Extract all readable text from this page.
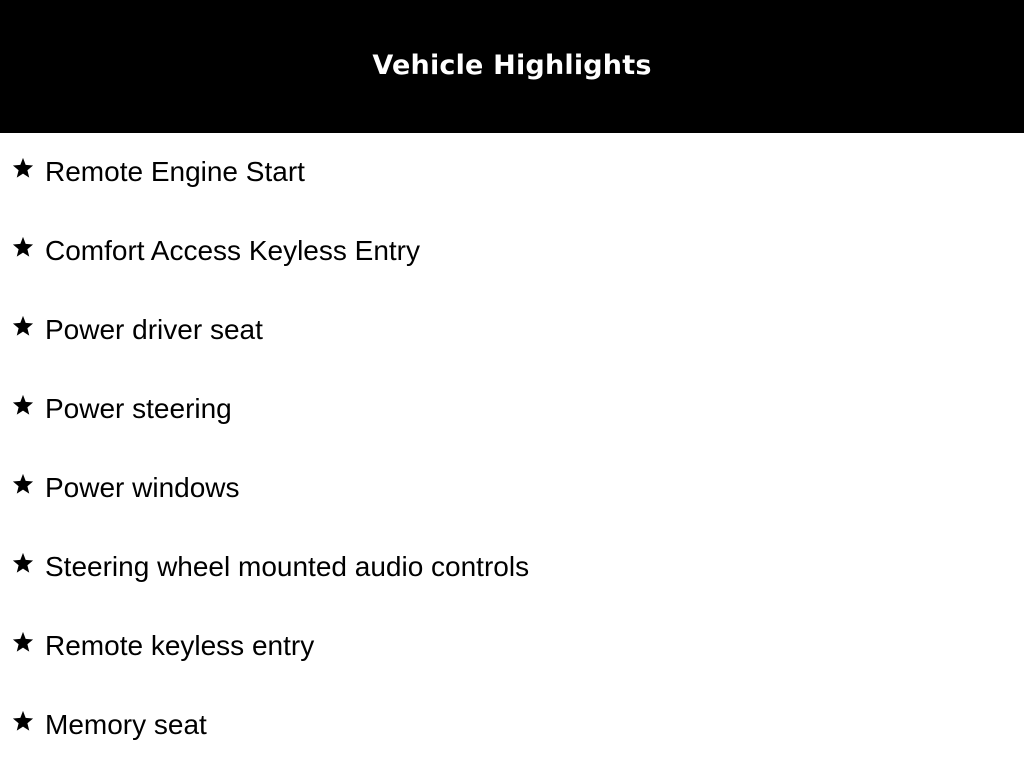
Vehicle Highlights
Remote Engine Start
Comfort Access Keyless Entry
Power driver seat
Power steering
Power windows
Steering wheel mounted audio controls
Remote keyless entry
Memory seat
